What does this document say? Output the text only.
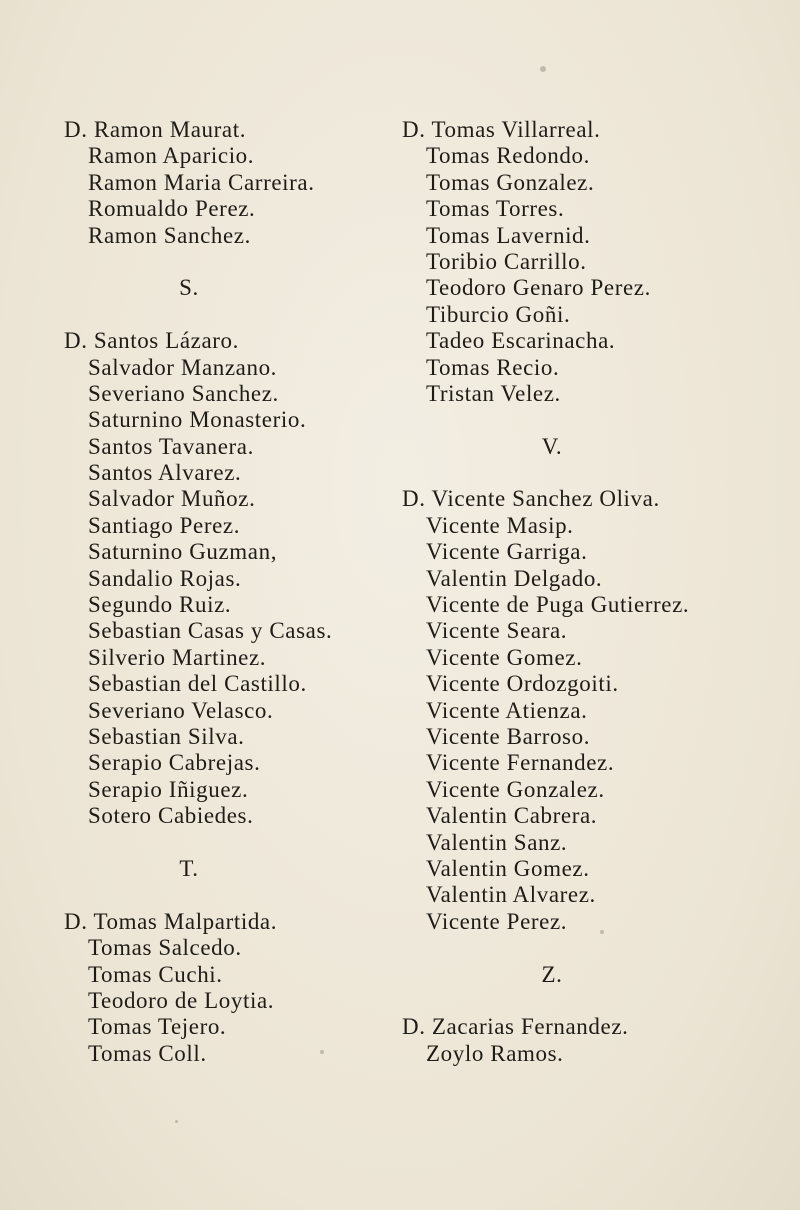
D. Ramon Maurat.
Ramon Aparicio.
Ramon Maria Carreira.
Romualdo Perez.
Ramon Sanchez.
S.
D. Santos Lázaro.
Salvador Manzano.
Severiano Sanchez.
Saturnino Monasterio.
Santos Tavanera.
Santos Alvarez.
Salvador Muñoz.
Santiago Perez.
Saturnino Guzman,
Sandalio Rojas.
Segundo Ruiz.
Sebastian Casas y Casas.
Silverio Martinez.
Sebastian del Castillo.
Severiano Velasco.
Sebastian Silva.
Serapio Cabrejas.
Serapio Iñiguez.
Sotero Cabiedes.
T.
D. Tomas Malpartida.
Tomas Salcedo.
Tomas Cuchi.
Teodoro de Loytia.
Tomas Tejero.
Tomas Coll.
D. Tomas Villarreal.
Tomas Redondo.
Tomas Gonzalez.
Tomas Torres.
Tomas Lavernid.
Toribio Carrillo.
Teodoro Genaro Perez.
Tiburcio Goñi.
Tadeo Escarinacha.
Tomas Recio.
Tristan Velez.
V.
D. Vicente Sanchez Oliva.
Vicente Masip.
Vicente Garriga.
Valentin Delgado.
Vicente de Puga Gutierrez.
Vicente Seara.
Vicente Gomez.
Vicente Ordozgoiti.
Vicente Atienza.
Vicente Barroso.
Vicente Fernandez.
Vicente Gonzalez.
Valentin Cabrera.
Valentin Sanz.
Valentin Gomez.
Valentin Alvarez.
Vicente Perez.
Z.
D. Zacarias Fernandez.
Zoylo Ramos.
